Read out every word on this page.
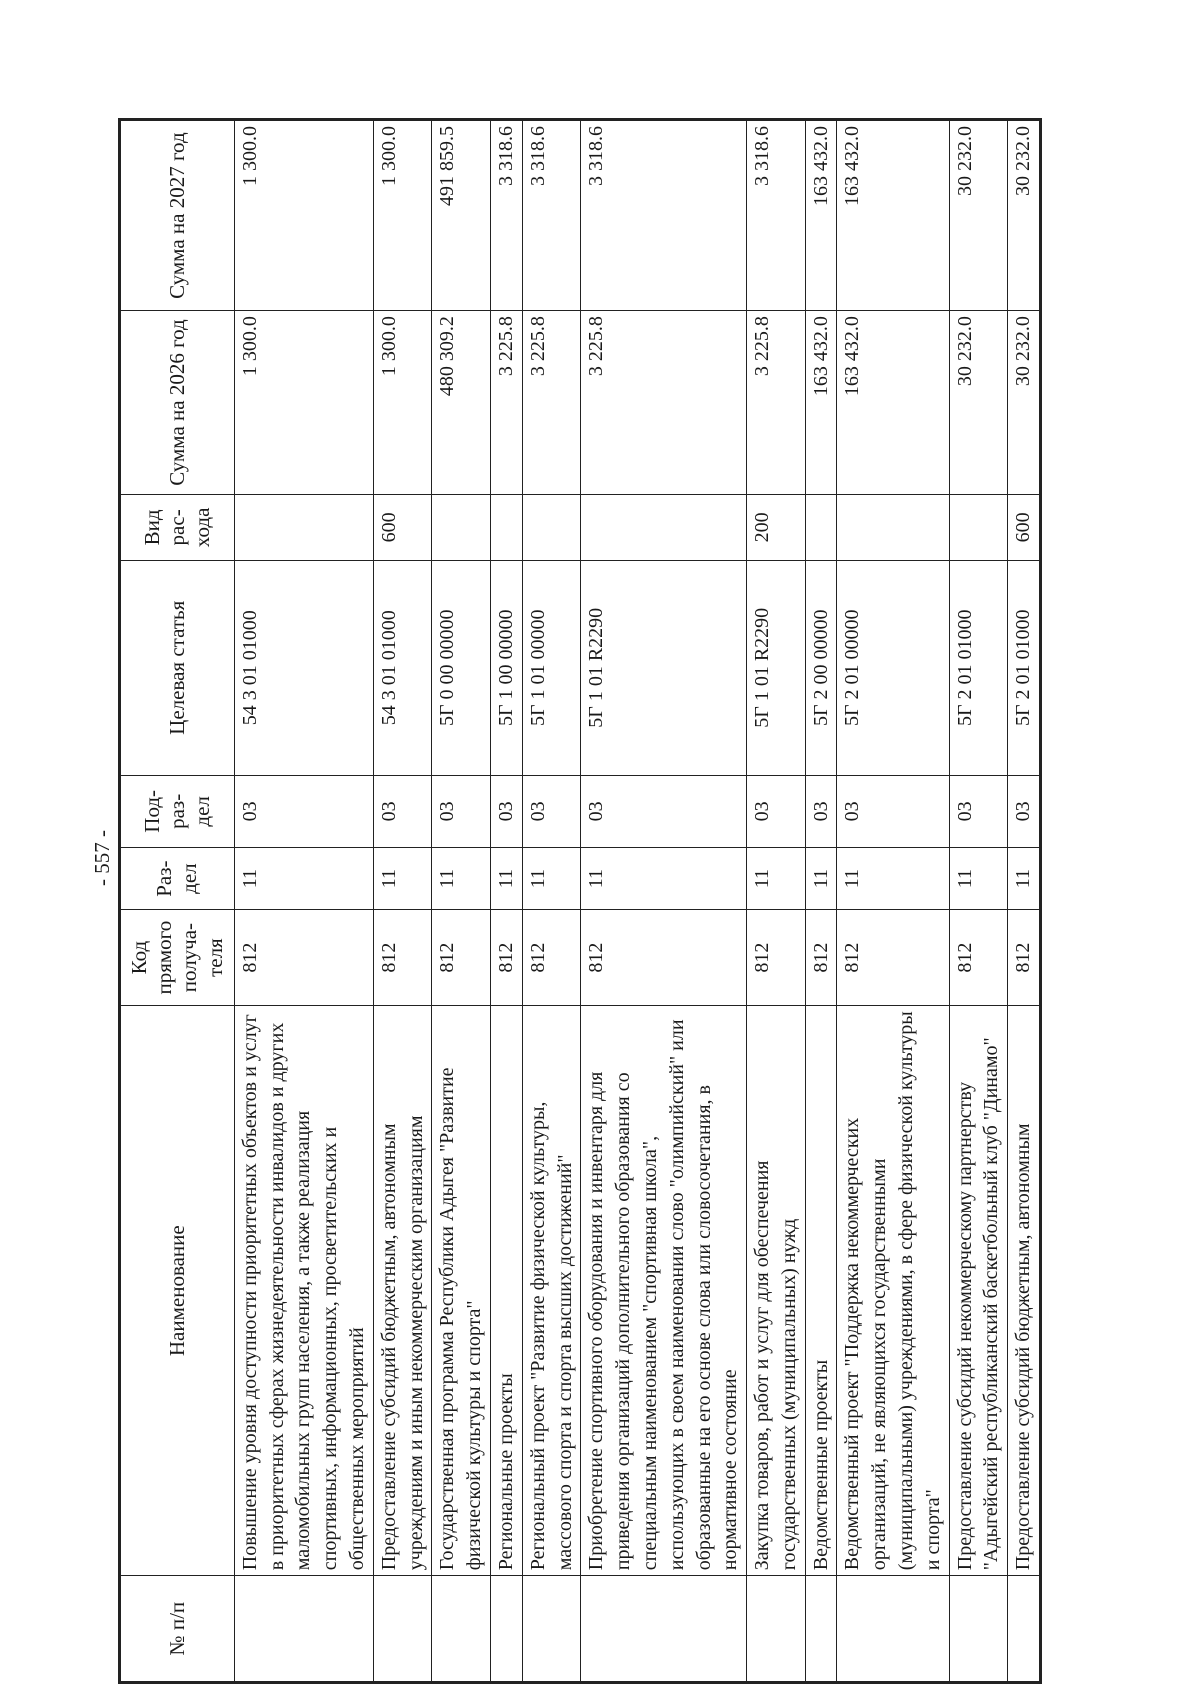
- 557 -
№ п/п	Наименование	Код прямого получа- теля	Раз- дел	Под- раз- дел	Целевая статья	Вид рас- хода	Сумма на 2026 год	Сумма на 2027 год
	Повышение уровня доступности приоритетных объектов и услуг в приоритетных сферах жизнедеятельности инвалидов и других маломобильных групп населения, а также реализация спортивных, информационных, просветительских и общественных мероприятий	812	11	03	54 3 01 01000		1 300.0	1 300.0
	Предоставление субсидий бюджетным, автономным учреждениям и иным некоммерческим организациям	812	11	03	54 3 01 01000	600	1 300.0	1 300.0
	Государственная программа Республики Адыгея "Развитие физической культуры и спорта"	812	11	03	5Г 0 00 00000		480 309.2	491 859.5
	Региональные проекты	812	11	03	5Г 1 00 00000		3 225.8	3 318.6
	Региональный проект "Развитие физической культуры, массового спорта и спорта высших достижений"	812	11	03	5Г 1 01 00000		3 225.8	3 318.6
	Приобретение спортивного оборудования и инвентаря для приведения организаций дополнительного образования со специальным наименованием "спортивная школа", использующих в своем наименовании слово "олимпийский" или образованные на его основе слова или словосочетания, в нормативное состояние	812	11	03	5Г 1 01 R2290		3 225.8	3 318.6
	Закупка товаров, работ и услуг для обеспечения государственных (муниципальных) нужд	812	11	03	5Г 1 01 R2290	200	3 225.8	3 318.6
	Ведомственные проекты	812	11	03	5Г 2 00 00000		163 432.0	163 432.0
	Ведомственный проект "Поддержка некоммерческих организаций, не являющихся государственными (муниципальными) учреждениями, в сфере физической культуры и спорта"	812	11	03	5Г 2 01 00000		163 432.0	163 432.0
	Предоставление субсидий некоммерческому партнерству "Адыгейский республиканский баскетбольный клуб "Динамо"	812	11	03	5Г 2 01 01000		30 232.0	30 232.0
	Предоставление субсидий бюджетным, автономным	812	11	03	5Г 2 01 01000	600	30 232.0	30 232.0
